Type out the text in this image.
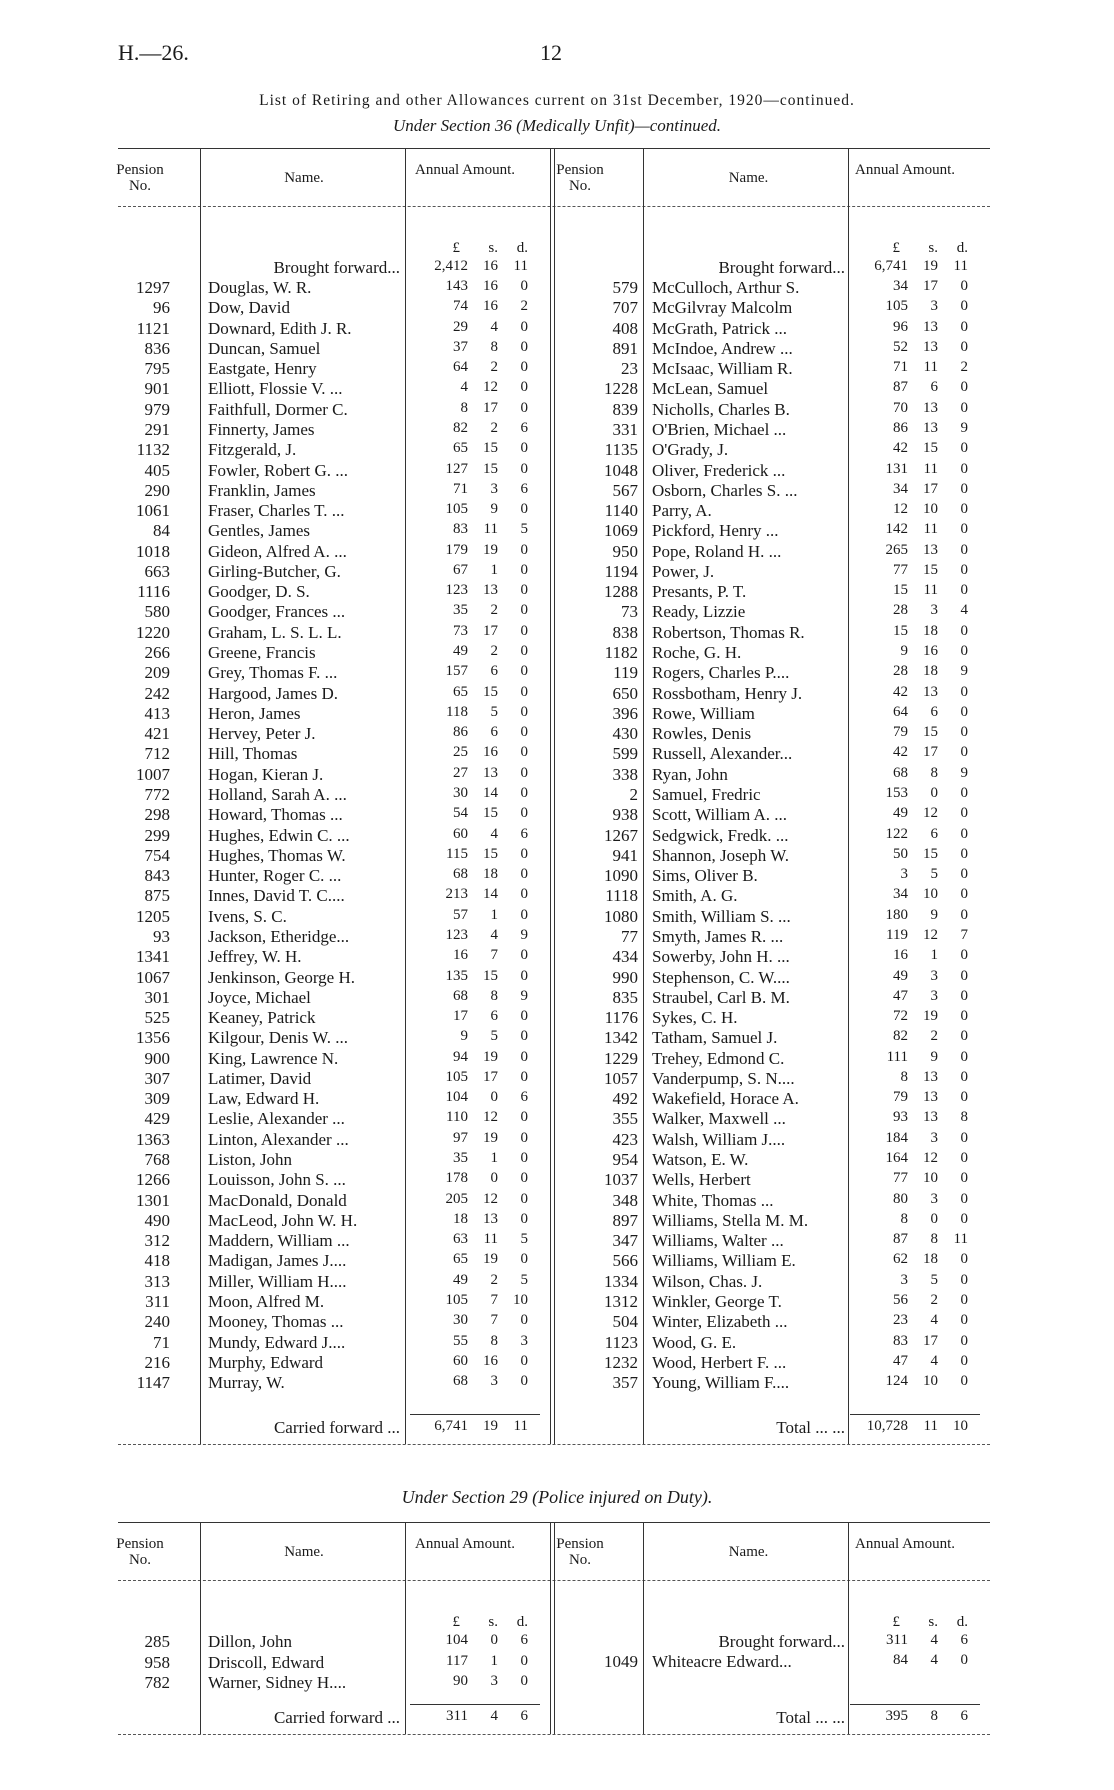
H.—26.	12
List of Retiring and other Allowances current on 31st December, 1920—continued.
Under Section 36 (Medically Unfit)—continued.
Pension No.	Name.	Annual Amount.	Pension No.	Name.	Annual Amount.
£	s.	d.	£	s.	d.
Brought forward...	2,412	16	11	Brought forward...	6,741	19	11
1297 Douglas, W. R.	143	16	0
96 Dow, David	74	16	2
1121 Downard, Edith J. R.	29	4	0
836 Duncan, Samuel	37	8	0
795 Eastgate, Henry	64	2	0
901 Elliott, Flossie V. ...	4	12	0
979 Faithfull, Dormer C.	8	17	0
291 Finnerty, James	82	2	6
1132 Fitzgerald, J.	65	15	0
405 Fowler, Robert G. ...	127	15	0
290 Franklin, James	71	3	6
1061 Fraser, Charles T. ...	105	9	0
84 Gentles, James	83	11	5
1018 Gideon, Alfred A. ...	179	19	0
663 Girling-Butcher, G.	67	1	0
1116 Goodger, D. S.	123	13	0
580 Goodger, Frances ...	35	2	0
1220 Graham, L. S. L. L.	73	17	0
266 Greene, Francis	49	2	0
209 Grey, Thomas F. ...	157	6	0
242 Hargood, James D.	65	15	0
413 Heron, James	118	5	0
421 Hervey, Peter J.	86	6	0
712 Hill, Thomas	25	16	0
1007 Hogan, Kieran J.	27	13	0
772 Holland, Sarah A. ...	30	14	0
298 Howard, Thomas ...	54	15	0
299 Hughes, Edwin C. ...	60	4	6
754 Hughes, Thomas W.	115	15	0
843 Hunter, Roger C. ...	68	18	0
875 Innes, David T. C....	213	14	0
1205 Ivens, S. C.	57	1	0
93 Jackson, Etheridge...	123	4	9
1341 Jeffrey, W. H.	16	7	0
1067 Jenkinson, George H.	135	15	0
301 Joyce, Michael	68	8	9
525 Keaney, Patrick	17	6	0
1356 Kilgour, Denis W. ...	9	5	0
900 King, Lawrence N.	94	19	0
307 Latimer, David	105	17	0
309 Law, Edward H.	104	0	6
429 Leslie, Alexander ...	110	12	0
1363 Linton, Alexander ...	97	19	0
768 Liston, John	35	1	0
1266 Louisson, John S. ...	178	0	0
1301 MacDonald, Donald	205	12	0
490 MacLeod, John W. H.	18	13	0
312 Maddern, William ...	63	11	5
418 Madigan, James J....	65	19	0
313 Miller, William H....	49	2	5
311 Moon, Alfred M.	105	7	10
240 Mooney, Thomas ...	30	7	0
71 Mundy, Edward J....	55	8	3
216 Murphy, Edward	60	16	0
1147 Murray, W.	68	3	0
579 McCulloch, Arthur S.	34	17	0
707 McGilvray Malcolm	105	3	0
408 McGrath, Patrick ...	96	13	0
891 McIndoe, Andrew ...	52	13	0
23 McIsaac, William R.	71	11	2
1228 McLean, Samuel	87	6	0
839 Nicholls, Charles B.	70	13	0
331 O'Brien, Michael ...	86	13	9
1135 O'Grady, J.	42	15	0
1048 Oliver, Frederick ...	131	11	0
567 Osborn, Charles S. ...	34	17	0
1140 Parry, A.	12	10	0
1069 Pickford, Henry ...	142	11	0
950 Pope, Roland H. ...	265	13	0
1194 Power, J.	77	15	0
1288 Presants, P. T.	15	11	0
73 Ready, Lizzie	28	3	4
838 Robertson, Thomas R.	15	18	0
1182 Roche, G. H.	9	16	0
119 Rogers, Charles P....	28	18	9
650 Rossbotham, Henry J.	42	13	0
396 Rowe, William	64	6	0
430 Rowles, Denis	79	15	0
599 Russell, Alexander...	42	17	0
338 Ryan, John	68	8	9
2 Samuel, Fredric	153	0	0
938 Scott, William A. ...	49	12	0
1267 Sedgwick, Fredk. ...	122	6	0
941 Shannon, Joseph W.	50	15	0
1090 Sims, Oliver B.	3	5	0
1118 Smith, A. G.	34	10	0
1080 Smith, William S. ...	180	9	0
77 Smyth, James R. ...	119	12	7
434 Sowerby, John H. ...	16	1	0
990 Stephenson, C. W....	49	3	0
835 Straubel, Carl B. M.	47	3	0
1176 Sykes, C. H.	72	19	0
1342 Tatham, Samuel J.	82	2	0
1229 Trehey, Edmond C.	111	9	0
1057 Vanderpump, S. N....	8	13	0
492 Wakefield, Horace A.	79	13	0
355 Walker, Maxwell ...	93	13	8
423 Walsh, William J....	184	3	0
954 Watson, E. W.	164	12	0
1037 Wells, Herbert	77	10	0
348 White, Thomas ...	80	3	0
897 Williams, Stella M. M.	8	0	0
347 Williams, Walter ...	87	8	11
566 Williams, William E.	62	18	0
1334 Wilson, Chas. J.	3	5	0
1312 Winkler, George T.	56	2	0
504 Winter, Elizabeth ...	23	4	0
1123 Wood, G. E.	83	17	0
1232 Wood, Herbert F. ...	47	4	0
357 Young, William F....	124	10	0
Carried forward ...	6,741	19	11	Total ... ...	10,728	11	10
Under Section 29 (Police injured on Duty).
Pension No.	Name.	Annual Amount.	Pension No.	Name.	Annual Amount.
£	s.	d.	£	s.	d.
Brought forward...	311	4	6
285 Dillon, John	104	0	6
958 Driscoll, Edward	117	1	0
782 Warner, Sidney H....	90	3	0
1049 Whiteacre Edward...	84	4	0
Carried forward ...	311	4	6	Total ... ...	395	8	6
